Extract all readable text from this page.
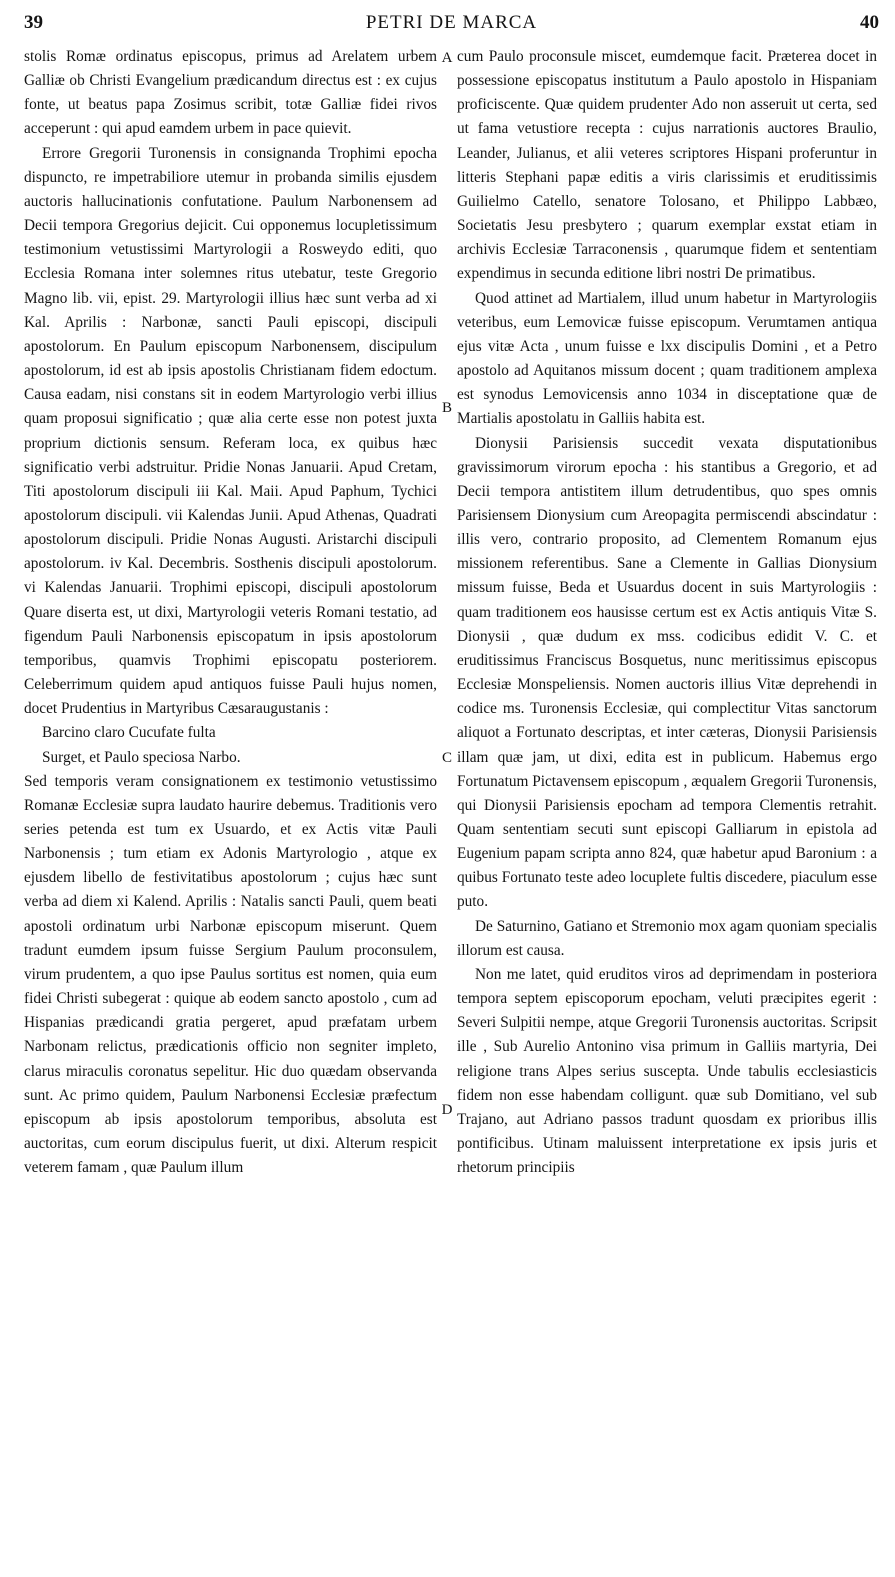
39	PETRI DE MARCA	40

stolis Romæ ordinatus episcopus, primus ad Arelatem urbem Galliæ ob Christi Evangelium prædicandum directus est : ex cujus fonte, ut beatus papa Zosimus scribit, totæ Galliæ fidei rivos acceperunt : qui apud eamdem urbem in pace quievit.

Errore Gregorii Turonensis in consignanda Trophimi epocha dispuncto, re impetrabiliore utemur in probanda similis ejusdem auctoris hallucinationis confutatione. Paulum Narbonensem ad Decii tempora Gregorius dejicit. Cui opponemus locupletissimum testimonium vetustissimi Martyrologii a Rosweydo editi, quo Ecclesia Romana inter solemnes ritus utebatur, teste Gregorio Magno lib. vii, epist. 29. Martyrologii illius hæc sunt verba ad xi Kal. Aprilis : Narbonæ, sancti Pauli episcopi, discipuli apostolorum. En Paulum episcopum Narbonensem, discipulum apostolorum, id est ab ipsis apostolis Christianam fidem edoctum. Causa eadam, nisi constans sit in eodem Martyrologio verbi illius quam proposui significatio ; quæ alia certe esse non potest juxta proprium dictionis sensum. Referam loca, ex quibus hæc significatio verbi adstruitur. Pridie Nonas Januarii. Apud Cretam, Titi apostolorum discipuli iii Kal. Maii. Apud Paphum, Tychici apostolorum discipuli. vii Kalendas Junii. Apud Athenas, Quadrati apostolorum discipuli. Pridie Nonas Augusti. Aristarchi discipuli apostolorum. iv Kal. Decembris. Sosthenis discipuli apostolorum. vi Kalendas Januarii. Trophimi episcopi, discipuli apostolorum Quare diserta est, ut dixi, Martyrologii veteris Romani testatio, ad figendum Pauli Narbonensis episcopatum in ipsis apostolorum temporibus, quamvis Trophimi episcopatu posteriorem. Celeberrimum quidem apud antiquos fuisse Pauli hujus nomen, docet Prudentius in Martyribus Cæsaraugustanis :

Barcino claro Cucufate fulta

Surget, et Paulo speciosa Narbo.

Sed temporis veram consignationem ex testimonio vetustissimo Romanæ Ecclesiæ supra laudato haurire debemus. Traditionis vero series petenda est tum ex Usuardo, et ex Actis vitæ Pauli Narbonensis ; tum etiam ex Adonis Martyrologio , atque ex ejusdem libello de festivitatibus apostolorum ; cujus hæc sunt verba ad diem xi Kalend. Aprilis : Natalis sancti Pauli, quem beati apostoli ordinatum urbi Narbonæ episcopum miserunt. Quem tradunt eumdem ipsum fuisse Sergium Paulum proconsulem, virum prudentem, a quo ipse Paulus sortitus est nomen, quia eum fidei Christi subegerat : quique ab eodem sancto apostolo , cum ad Hispanias prædicandi gratia pergeret, apud præfatam urbem Narbonam relictus, prædicationis officio non segniter impleto, clarus miraculis coronatus sepelitur. Hic duo quædam observanda sunt. Ac primo quidem, Paulum Narbonensi Ecclesiæ præfectum episcopum ab ipsis apostolorum temporibus, absoluta est auctoritas, cum eorum discipulus fuerit, ut dixi. Alterum respicit veterem famam , quæ Paulum illum

A
B
C
D

cum Paulo proconsule miscet, eumdemque facit. Præterea docet in possessione episcopatus institutum a Paulo apostolo in Hispaniam proficiscente. Quæ quidem prudenter Ado non asseruit ut certa, sed ut fama vetustiore recepta : cujus narrationis auctores Braulio, Leander, Julianus, et alii veteres scriptores Hispani proferuntur in litteris Stephani papæ editis a viris clarissimis et eruditissimis Guilielmo Catello, senatore Tolosano, et Philippo Labbæo, Societatis Jesu presbytero ; quarum exemplar exstat etiam in archivis Ecclesiæ Tarraconensis , quarumque fidem et sententiam expendimus in secunda editione libri nostri De primatibus.

Quod attinet ad Martialem, illud unum habetur in Martyrologiis veteribus, eum Lemovicæ fuisse episcopum. Verumtamen antiqua ejus vitæ Acta , unum fuisse e lxx discipulis Domini , et a Petro apostolo ad Aquitanos missum docent ; quam traditionem amplexa est synodus Lemovicensis anno 1034 in disceptatione quæ de Martialis apostolatu in Galliis habita est.

Dionysii Parisiensis succedit vexata disputationibus gravissimorum virorum epocha : his stantibus a Gregorio, et ad Decii tempora antistitem illum detrudentibus, quo spes omnis Parisiensem Dionysium cum Areopagita permiscendi abscindatur : illis vero, contrario proposito, ad Clementem Romanum ejus missionem referentibus. Sane a Clemente in Gallias Dionysium missum fuisse, Beda et Usuardus docent in suis Martyrologiis : quam traditionem eos hausisse certum est ex Actis antiquis Vitæ S. Dionysii , quæ dudum ex mss. codicibus edidit V. C. et eruditissimus Franciscus Bosquetus, nunc meritissimus episcopus Ecclesiæ Monspeliensis. Nomen auctoris illius Vitæ deprehendi in codice ms. Turonensis Ecclesiæ, qui complectitur Vitas sanctorum aliquot a Fortunato descriptas, et inter cæteras, Dionysii Parisiensis illam quæ jam, ut dixi, edita est in publicum. Habemus ergo Fortunatum Pictavensem episcopum , æqualem Gregorii Turonensis, qui Dionysii Parisiensis epocham ad tempora Clementis retrahit. Quam sententiam secuti sunt episcopi Galliarum in epistola ad Eugenium papam scripta anno 824, quæ habetur apud Baronium : a quibus Fortunato teste adeo locuplete fultis discedere, piaculum esse puto.

De Saturnino, Gatiano et Stremonio mox agam quoniam specialis illorum est causa.

Non me latet, quid eruditos viros ad deprimendam in posteriora tempora septem episcoporum epocham, veluti præcipites egerit : Severi Sulpitii nempe, atque Gregorii Turonensis auctoritas. Scripsit ille , Sub Aurelio Antonino visa primum in Galliis martyria, Dei religione trans Alpes serius suscepta. Unde tabulis ecclesiasticis fidem non esse habendam colligunt. quæ sub Domitiano, vel sub Trajano, aut Adriano passos tradunt quosdam ex prioribus illis pontificibus. Utinam maluissent interpretatione ex ipsis juris et rhetorum principiis
